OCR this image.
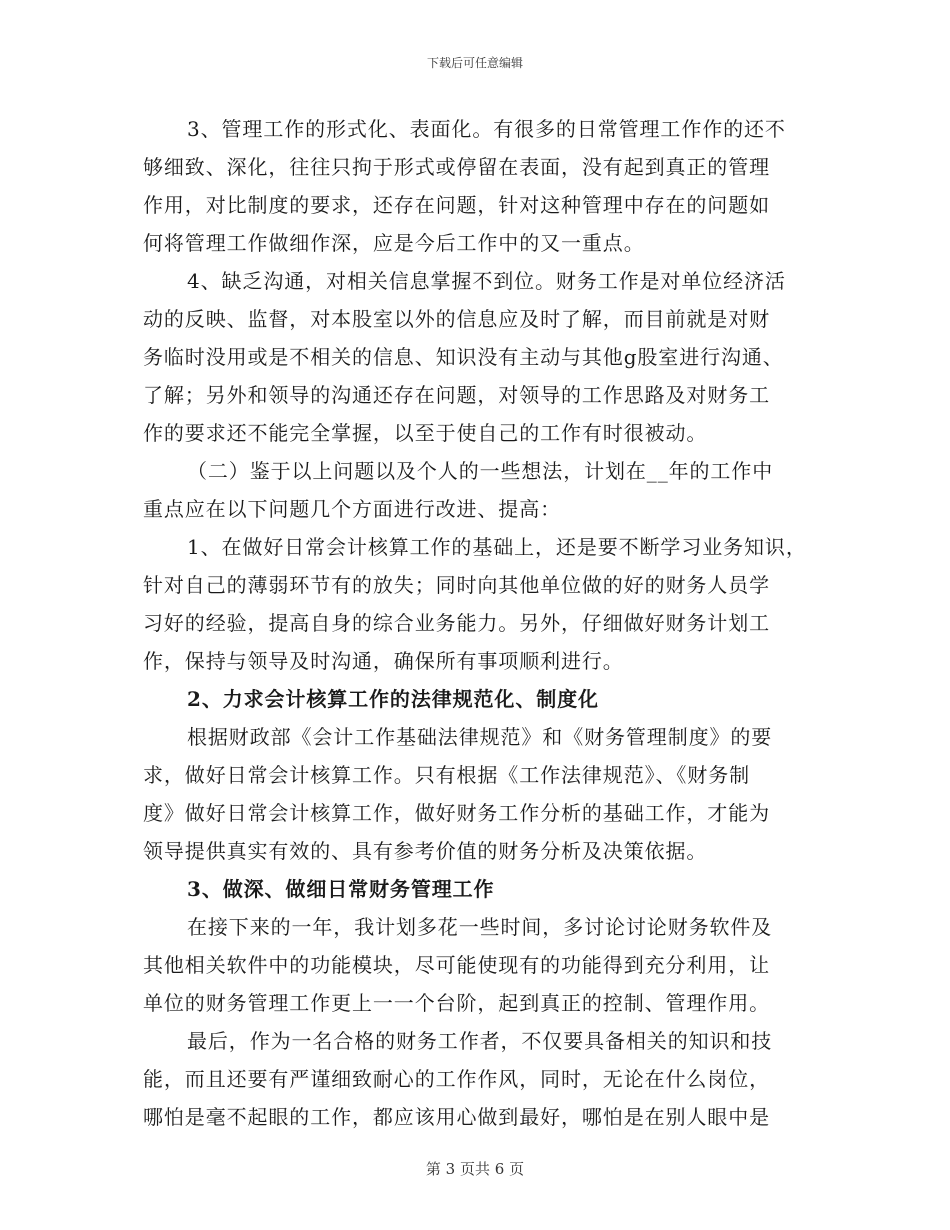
下载后可任意编辑
3、管理工作的形式化、表面化。有很多的日常管理工作作的还不
够细致、深化，往往只拘于形式或停留在表面，没有起到真正的管理
作用，对比制度的要求，还存在问题，针对这种管理中存在的问题如
何将管理工作做细作深，应是今后工作中的又一重点。
4、缺乏沟通，对相关信息掌握不到位。财务工作是对单位经济活
动的反映、监督，对本股室以外的信息应及时了解，而目前就是对财
务临时没用或是不相关的信息、知识没有主动与其他g股室进行沟通、
了解；另外和领导的沟通还存在问题，对领导的工作思路及对财务工
作的要求还不能完全掌握，以至于使自己的工作有时很被动。
（二）鉴于以上问题以及个人的一些想法，计划在__年的工作中
重点应在以下问题几个方面进行改进、提高：
1、在做好日常会计核算工作的基础上，还是要不断学习业务知识，
针对自己的薄弱环节有的放失；同时向其他单位做的好的财务人员学
习好的经验，提高自身的综合业务能力。另外，仔细做好财务计划工
作，保持与领导及时沟通，确保所有事项顺利进行。
2、力求会计核算工作的法律规范化、制度化
根据财政部《会计工作基础法律规范》和《财务管理制度》的要
求，做好日常会计核算工作。只有根据《工作法律规范》、《财务制
度》做好日常会计核算工作，做好财务工作分析的基础工作，才能为
领导提供真实有效的、具有参考价值的财务分析及决策依据。
3、做深、做细日常财务管理工作
在接下来的一年，我计划多花一些时间，多讨论讨论财务软件及
其他相关软件中的功能模块，尽可能使现有的功能得到充分利用，让
单位的财务管理工作更上一一个台阶，起到真正的控制、管理作用。
最后，作为一名合格的财务工作者，不仅要具备相关的知识和技
能，而且还要有严谨细致耐心的工作作风，同时，无论在什么岗位，
哪怕是毫不起眼的工作，都应该用心做到最好，哪怕是在别人眼中是
第 3 页共 6 页
